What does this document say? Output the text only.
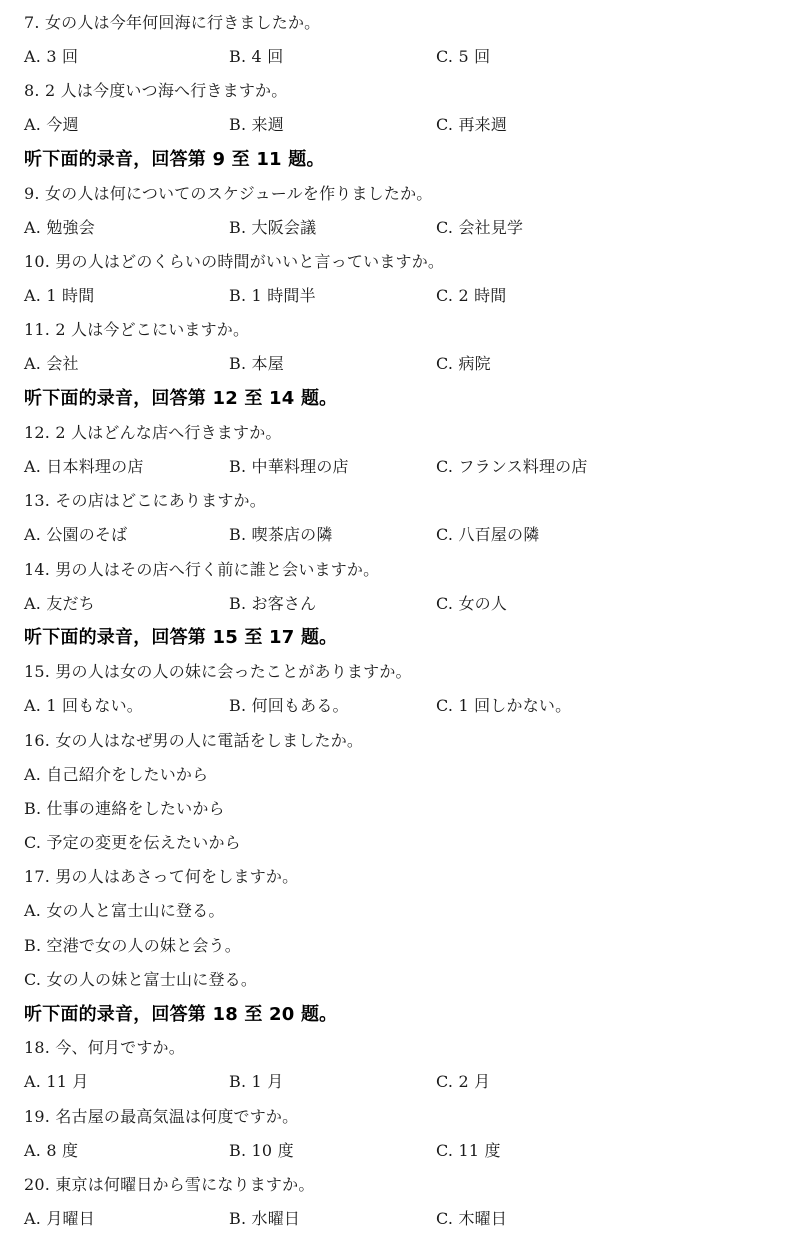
7. 女の人は今年何回海に行きましたか。
A. 3 回	B. 4 回	C. 5 回
8. 2 人は今度いつ海へ行きますか。
A. 今週	B. 来週	C. 再来週
听下面的录音，回答第 9 至 11 题。
9. 女の人は何についてのスケジュールを作りましたか。
A. 勉強会	B. 大阪会議	C. 会社見学
10. 男の人はどのくらいの時間がいいと言っていますか。
A. 1 時間	B. 1 時間半	C. 2 時間
11. 2 人は今どこにいますか。
A. 会社	B. 本屋	C. 病院
听下面的录音，回答第 12 至 14 题。
12. 2 人はどんな店へ行きますか。
A. 日本料理の店	B. 中華料理の店	C. フランス料理の店
13. その店はどこにありますか。
A. 公園のそば	B. 喫茶店の隣	C. 八百屋の隣
14. 男の人はその店へ行く前に誰と会いますか。
A. 友だち	B. お客さん	C. 女の人
听下面的录音，回答第 15 至 17 题。
15. 男の人は女の人の妹に会ったことがありますか。
A. 1 回もない。	B. 何回もある。	C. 1 回しかない。
16. 女の人はなぜ男の人に電話をしましたか。
A. 自己紹介をしたいから
B. 仕事の連絡をしたいから
C. 予定の変更を伝えたいから
17. 男の人はあさって何をしますか。
A. 女の人と富士山に登る。
B. 空港で女の人の妹と会う。
C. 女の人の妹と富士山に登る。
听下面的录音，回答第 18 至 20 题。
18. 今、何月ですか。
A. 11 月	B. 1 月	C. 2 月
19. 名古屋の最高気温は何度ですか。
A. 8 度	B. 10 度	C. 11 度
20. 東京は何曜日から雪になりますか。
A. 月曜日	B. 水曜日	C. 木曜日
